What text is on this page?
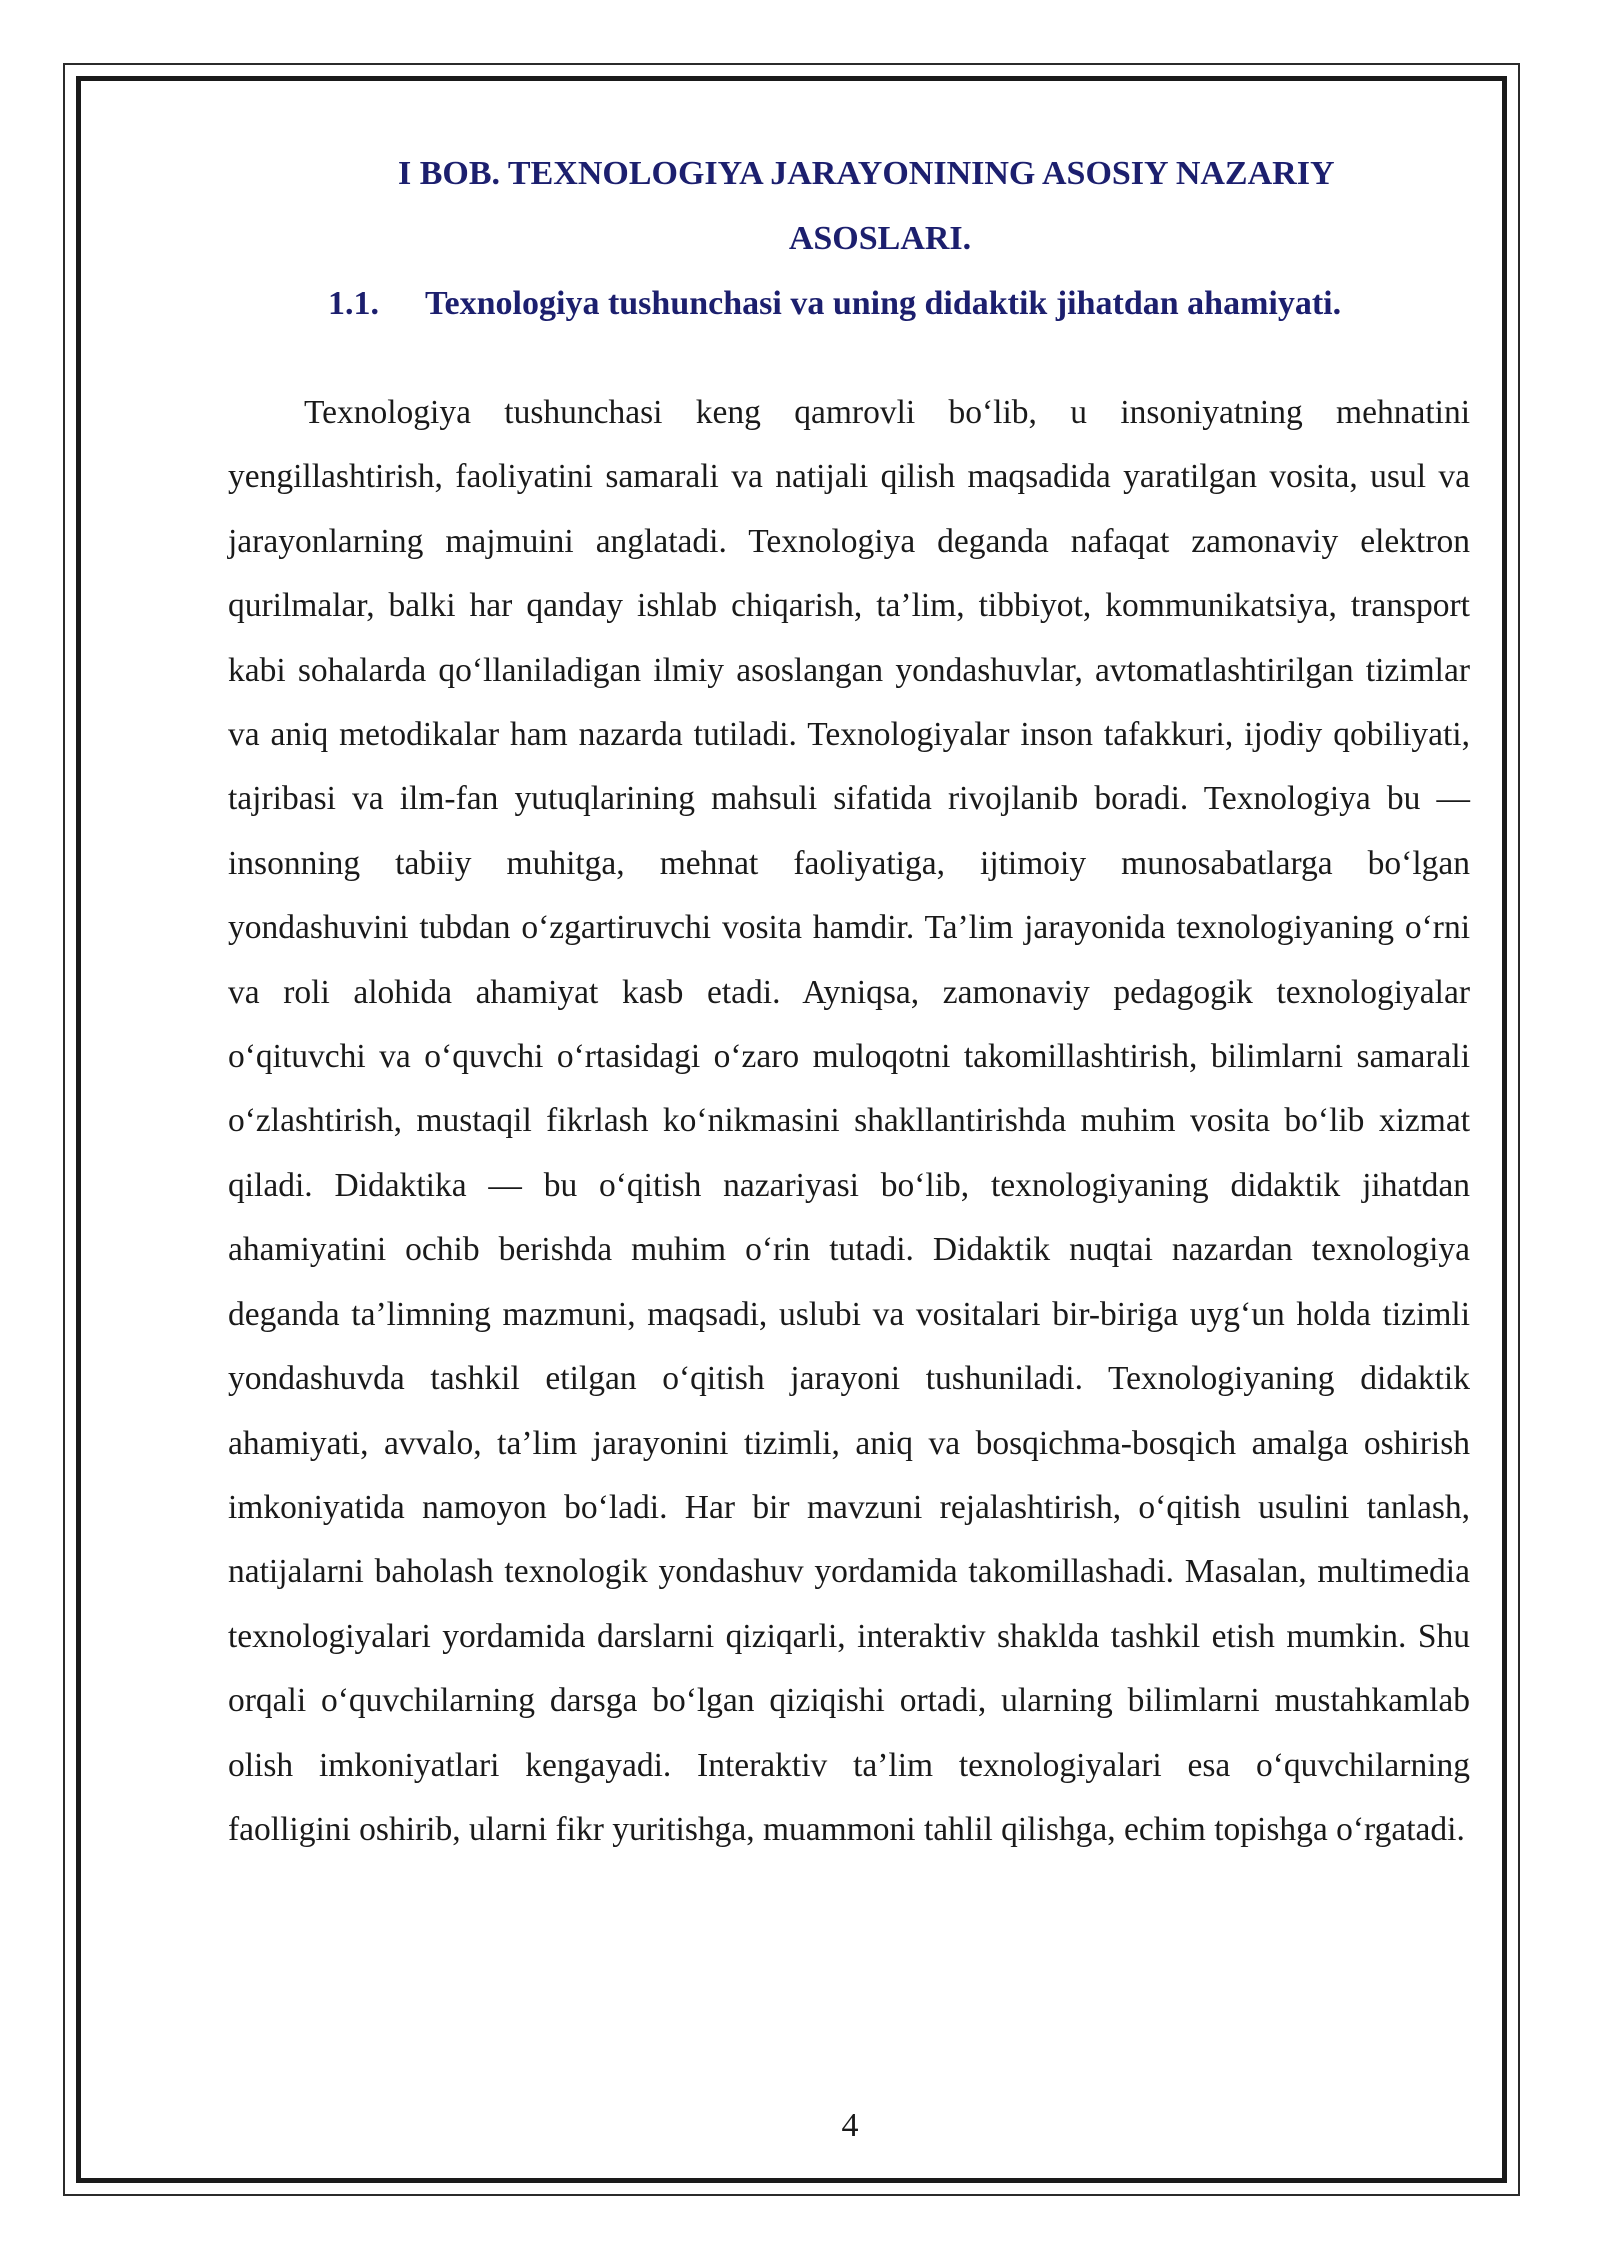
I BOB. TEXNOLOGIYA JARAYONINING ASOSIY NAZARIY
ASOSLARI.
1.1. Texnologiya tushunchasi va uning didaktik jihatdan ahamiyati.

Texnologiya tushunchasi keng qamrovli bo‘lib, u insoniyatning mehnatini yengillashtirish, faoliyatini samarali va natijali qilish maqsadida yaratilgan vosita, usul va jarayonlarning majmuini anglatadi. Texnologiya deganda nafaqat zamonaviy elektron qurilmalar, balki har qanday ishlab chiqarish, ta’lim, tibbiyot, kommunikatsiya, transport kabi sohalarda qo‘llaniladigan ilmiy asoslangan yondashuvlar, avtomatlashtirilgan tizimlar va aniq metodikalar ham nazarda tutiladi. Texnologiyalar inson tafakkuri, ijodiy qobiliyati, tajribasi va ilm-fan yutuqlarining mahsuli sifatida rivojlanib boradi. Texnologiya bu — insonning tabiiy muhitga, mehnat faoliyatiga, ijtimoiy munosabatlarga bo‘lgan yondashuvini tubdan o‘zgartiruvchi vosita hamdir. Ta’lim jarayonida texnologiyaning o‘rni va roli alohida ahamiyat kasb etadi. Ayniqsa, zamonaviy pedagogik texnologiyalar o‘qituvchi va o‘quvchi o‘rtasidagi o‘zaro muloqotni takomillashtirish, bilimlarni samarali o‘zlashtirish, mustaqil fikrlash ko‘nikmasini shakllantirishda muhim vosita bo‘lib xizmat qiladi. Didaktika — bu o‘qitish nazariyasi bo‘lib, texnologiyaning didaktik jihatdan ahamiyatini ochib berishda muhim o‘rin tutadi. Didaktik nuqtai nazardan texnologiya deganda ta’limning mazmuni, maqsadi, uslubi va vositalari bir-biriga uyg‘un holda tizimli yondashuvda tashkil etilgan o‘qitish jarayoni tushuniladi. Texnologiyaning didaktik ahamiyati, avvalo, ta’lim jarayonini tizimli, aniq va bosqichma-bosqich amalga oshirish imkoniyatida namoyon bo‘ladi. Har bir mavzuni rejalashtirish, o‘qitish usulini tanlash, natijalarni baholash texnologik yondashuv yordamida takomillashadi. Masalan, multimedia texnologiyalari yordamida darslarni qiziqarli, interaktiv shaklda tashkil etish mumkin. Shu orqali o‘quvchilarning darsga bo‘lgan qiziqishi ortadi, ularning bilimlarni mustahkamlab olish imkoniyatlari kengayadi. Interaktiv ta’lim texnologiyalari esa o‘quvchilarning faolligini oshirib, ularni fikr yuritishga, muammoni tahlil qilishga, echim topishga o‘rgatadi.

4
